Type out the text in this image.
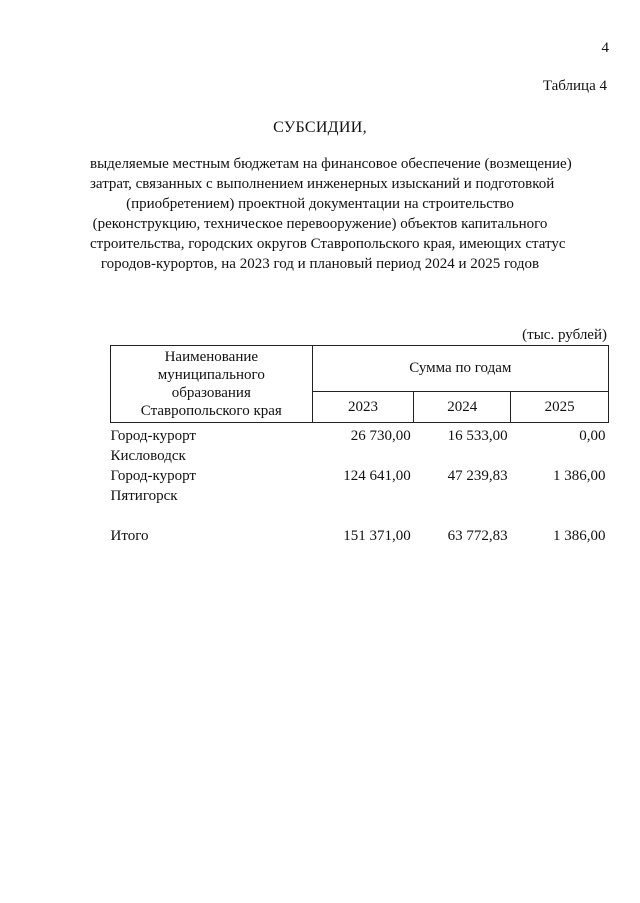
4
Таблица 4
СУБСИДИИ,
выделяемые местным бюджетам на финансовое обеспечение (возмещение)
затрат, связанных с выполнением инженерных изысканий и подготовкой
(приобретением) проектной документации на строительство
(реконструкцию, техническое перевооружение) объектов капитального
строительства, городских округов Ставропольского края, имеющих статус
городов-курортов, на 2023 год и плановый период 2024 и 2025 годов
(тыс. рублей)
Наименование
муниципального
образования
Ставропольского края	Сумма по годам		
	2023	2024	2025

Город-курорт
Кисловодск	26 730,00	16 533,00	0,00

Город-курорт
Пятигорск	124 641,00	47 239,83	1 386,00

Итого	151 371,00	63 772,83	1 386,00
